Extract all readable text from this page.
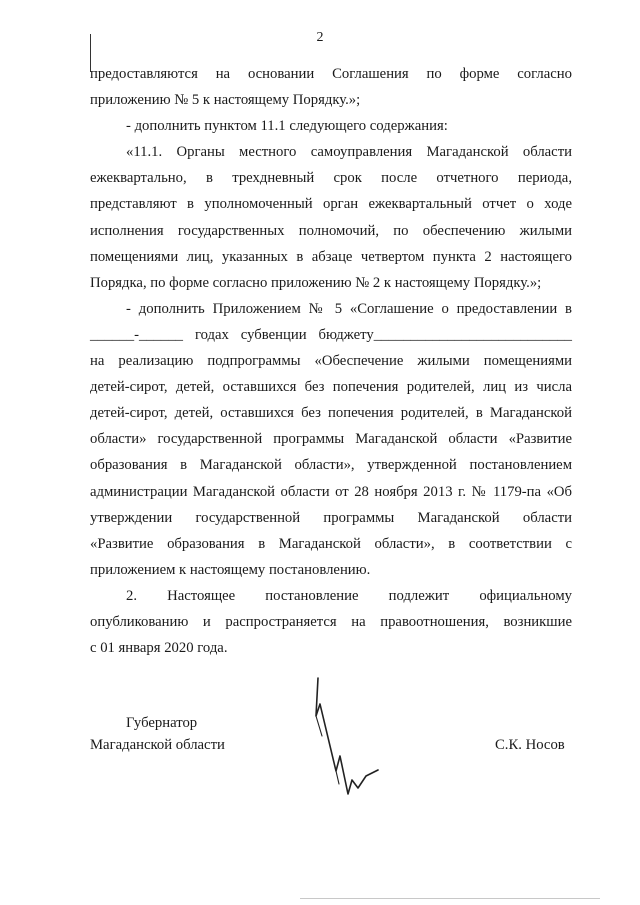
2

предоставляются на основании Соглашения по форме согласно

приложению № 5 к настоящему Порядку.»;

- дополнить пунктом 11.1 следующего содержания:

«11.1. Органы местного самоуправления Магаданской области

ежеквартально, в трехдневный срок после отчетного периода,

представляют в уполномоченный орган ежеквартальный отчет о ходе

исполнения государственных полномочий, по обеспечению жилыми

помещениями лиц, указанных в абзаце четвертом пункта 2 настоящего

Порядка, по форме согласно приложению № 2 к настоящему Порядку.»;

- дополнить Приложением № 5 «Соглашение о предоставлении в

______-______ годах субвенции бюджету___________________________

на реализацию подпрограммы «Обеспечение жилыми помещениями

детей-сирот, детей, оставшихся без попечения родителей, лиц из числа

детей-сирот, детей, оставшихся без попечения родителей, в Магаданской

области» государственной программы Магаданской области «Развитие

образования в Магаданской области», утвержденной постановлением

администрации Магаданской области от 28 ноября 2013 г. № 1179-па «Об

утверждении государственной программы Магаданской области

«Развитие образования в Магаданской области», в соответствии с

приложением к настоящему постановлению.

2. Настоящее постановление подлежит официальному

опубликованию и распространяется на правоотношения, возникшие

с 01 января 2020 года.

Губернатор
Магаданской области	С.К. Носов
